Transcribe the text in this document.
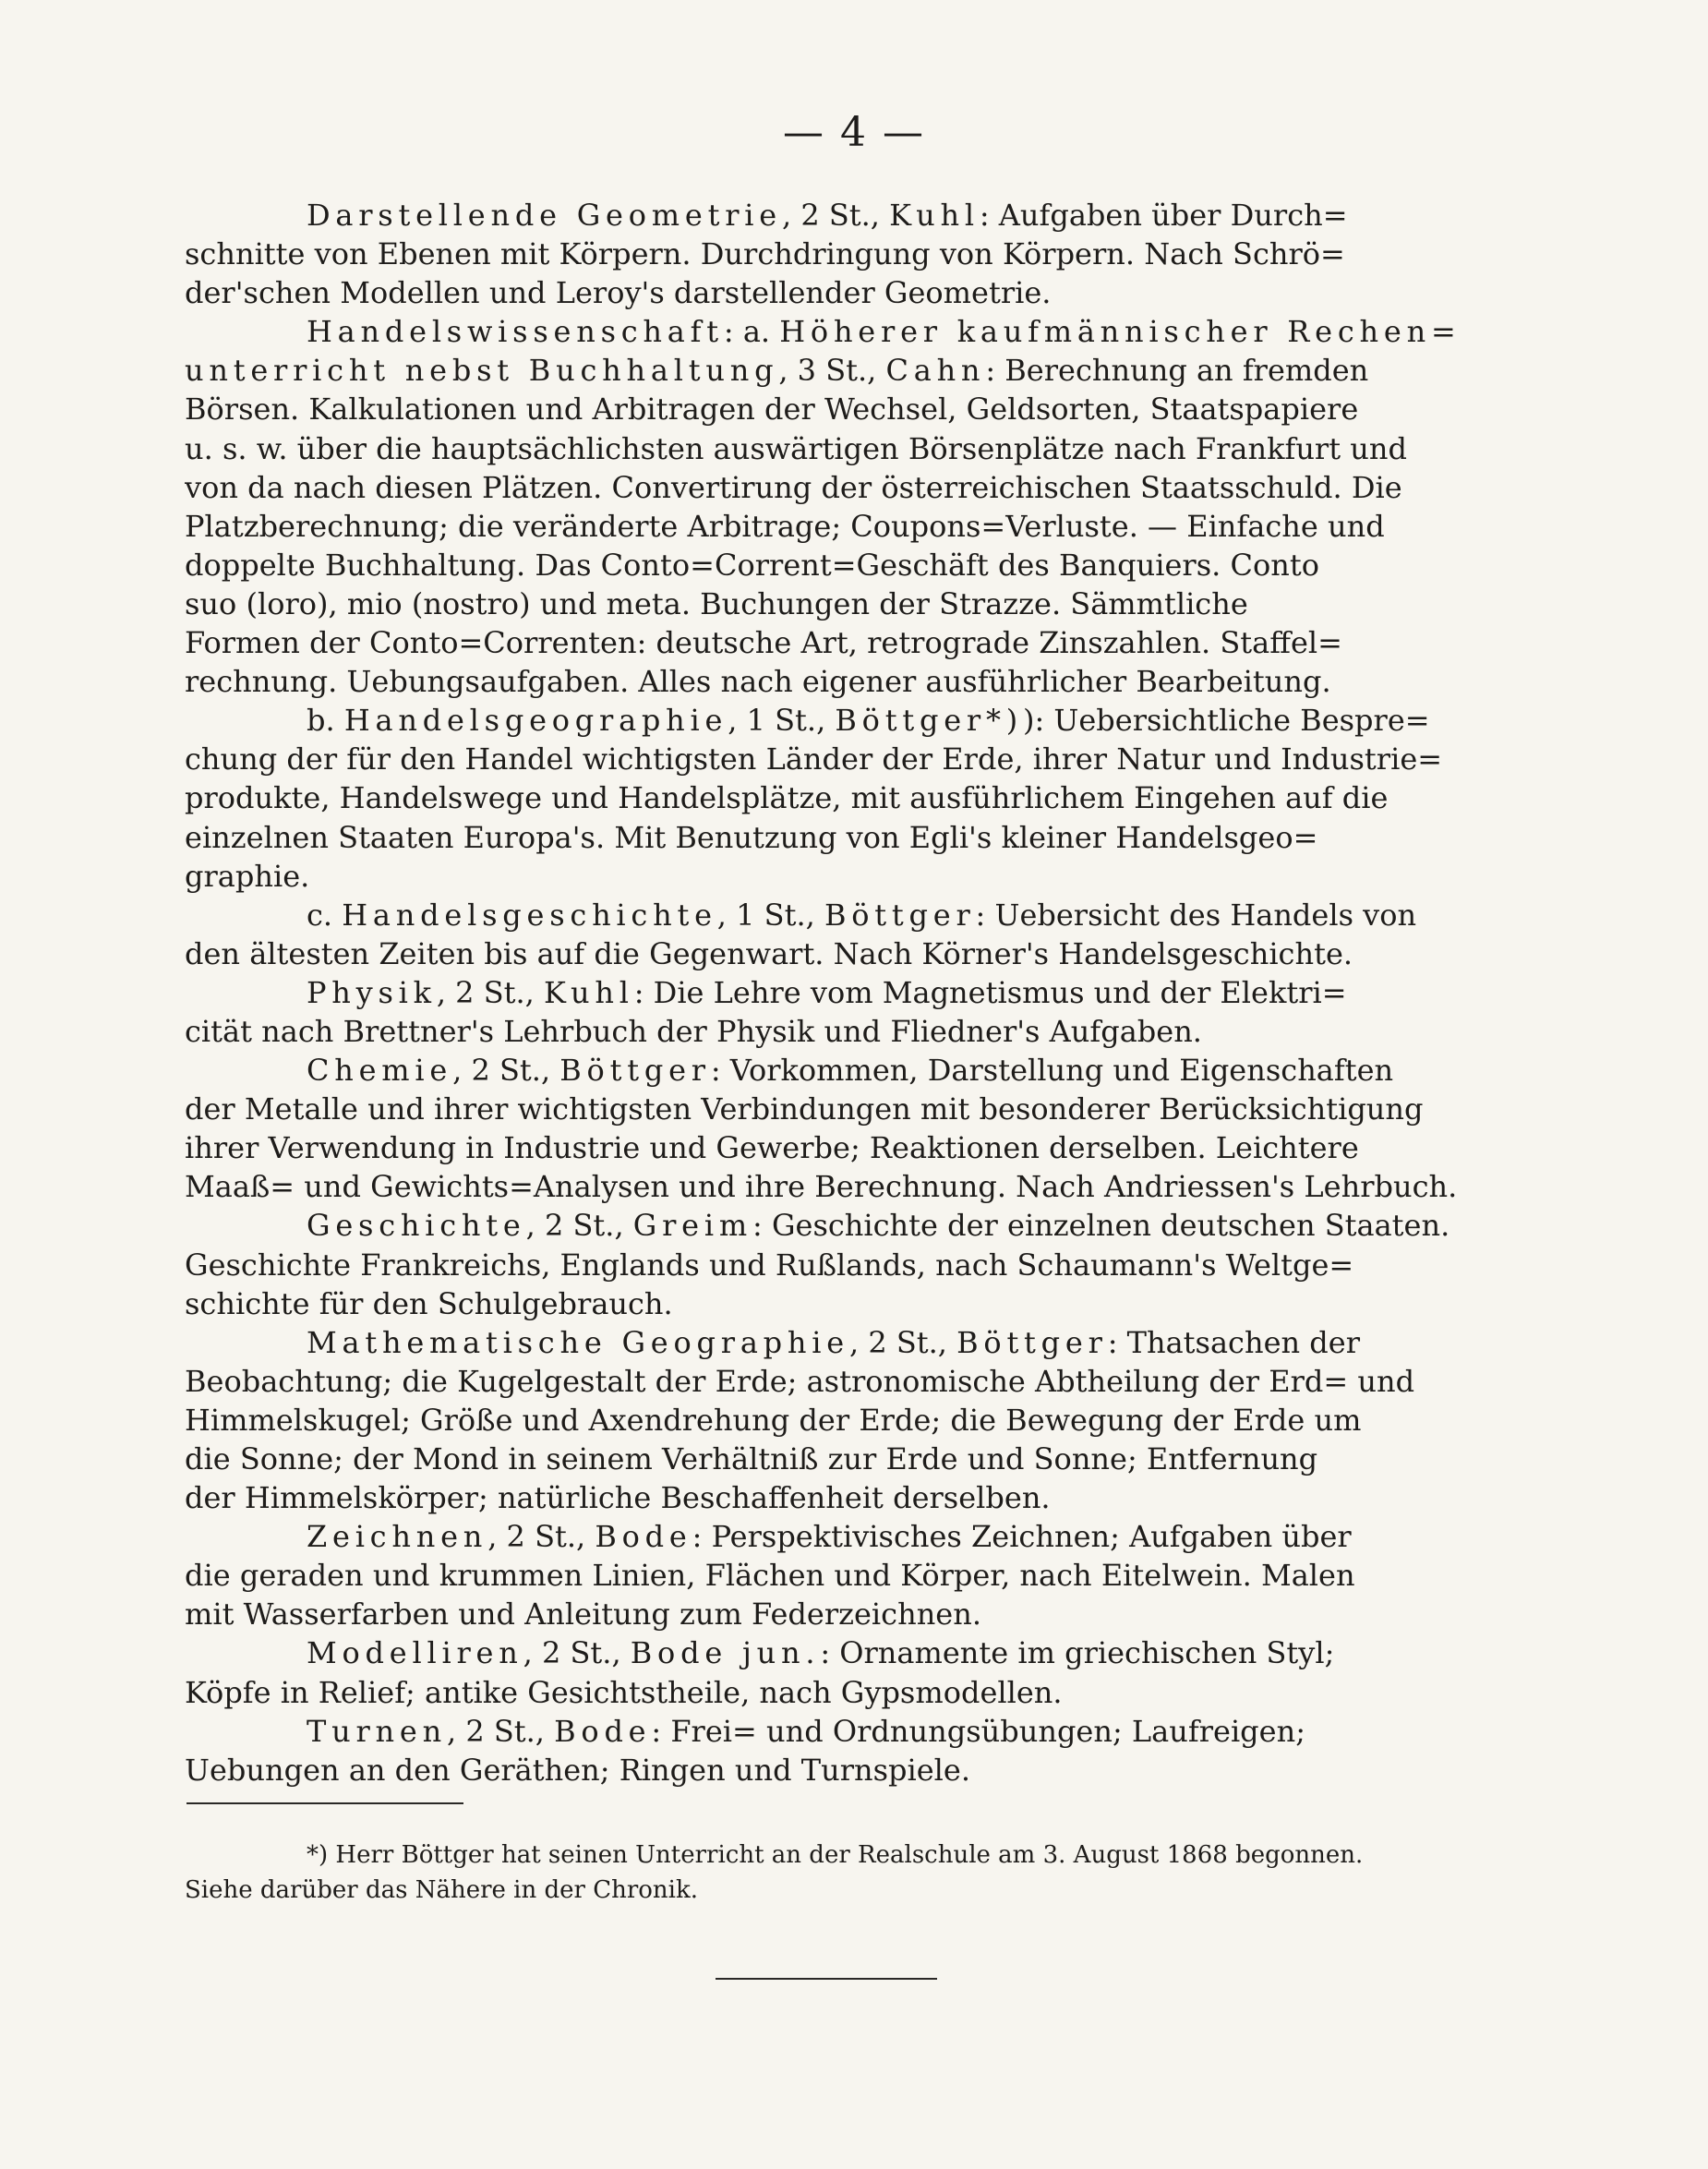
— 4 —
Darstellende Geometrie, 2 St., Kuhl: Aufgaben über Durch=
schnitte von Ebenen mit Körpern. Durchdringung von Körpern. Nach Schrö=
der'schen Modellen und Leroy's darstellender Geometrie.
Handelswissenschaft: a. Höherer kaufmännischer Rechen=
unterricht nebst Buchhaltung, 3 St., Cahn: Berechnung an fremden
Börsen. Kalkulationen und Arbitragen der Wechsel, Geldsorten, Staatspapiere
u. s. w. über die hauptsächlichsten auswärtigen Börsenplätze nach Frankfurt und
von da nach diesen Plätzen. Convertirung der österreichischen Staatsschuld. Die
Platzberechnung; die veränderte Arbitrage; Coupons=Verluste. — Einfache und
doppelte Buchhaltung. Das Conto=Corrent=Geschäft des Banquiers. Conto
suo (loro), mio (nostro) und meta. Buchungen der Strazze. Sämmtliche
Formen der Conto=Correnten: deutsche Art, retrograde Zinszahlen. Staffel=
rechnung. Uebungsaufgaben. Alles nach eigener ausführlicher Bearbeitung.
b. Handelsgeographie, 1 St., Böttger*)): Uebersichtliche Bespre=
chung der für den Handel wichtigsten Länder der Erde, ihrer Natur und Industrie=
produkte, Handelswege und Handelsplätze, mit ausführlichem Eingehen auf die
einzelnen Staaten Europa's. Mit Benutzung von Egli's kleiner Handelsgeo=
graphie.
c. Handelsgeschichte, 1 St., Böttger: Uebersicht des Handels von
den ältesten Zeiten bis auf die Gegenwart. Nach Körner's Handelsgeschichte.
Physik, 2 St., Kuhl: Die Lehre vom Magnetismus und der Elektri=
cität nach Brettner's Lehrbuch der Physik und Fliedner's Aufgaben.
Chemie, 2 St., Böttger: Vorkommen, Darstellung und Eigenschaften
der Metalle und ihrer wichtigsten Verbindungen mit besonderer Berücksichtigung
ihrer Verwendung in Industrie und Gewerbe; Reaktionen derselben. Leichtere
Maaß= und Gewichts=Analysen und ihre Berechnung. Nach Andriessen's Lehrbuch.
Geschichte, 2 St., Greim: Geschichte der einzelnen deutschen Staaten.
Geschichte Frankreichs, Englands und Rußlands, nach Schaumann's Weltge=
schichte für den Schulgebrauch.
Mathematische Geographie, 2 St., Böttger: Thatsachen der
Beobachtung; die Kugelgestalt der Erde; astronomische Abtheilung der Erd= und
Himmelskugel; Größe und Axendrehung der Erde; die Bewegung der Erde um
die Sonne; der Mond in seinem Verhältniß zur Erde und Sonne; Entfernung
der Himmelskörper; natürliche Beschaffenheit derselben.
Zeichnen, 2 St., Bode: Perspektivisches Zeichnen; Aufgaben über
die geraden und krummen Linien, Flächen und Körper, nach Eitelwein. Malen
mit Wasserfarben und Anleitung zum Federzeichnen.
Modelliren, 2 St., Bode jun.: Ornamente im griechischen Styl;
Köpfe in Relief; antike Gesichtstheile, nach Gypsmodellen.
Turnen, 2 St., Bode: Frei= und Ordnungsübungen; Laufreigen;
Uebungen an den Geräthen; Ringen und Turnspiele.
*) Herr Böttger hat seinen Unterricht an der Realschule am 3. August 1868 begonnen.
Siehe darüber das Nähere in der Chronik.
